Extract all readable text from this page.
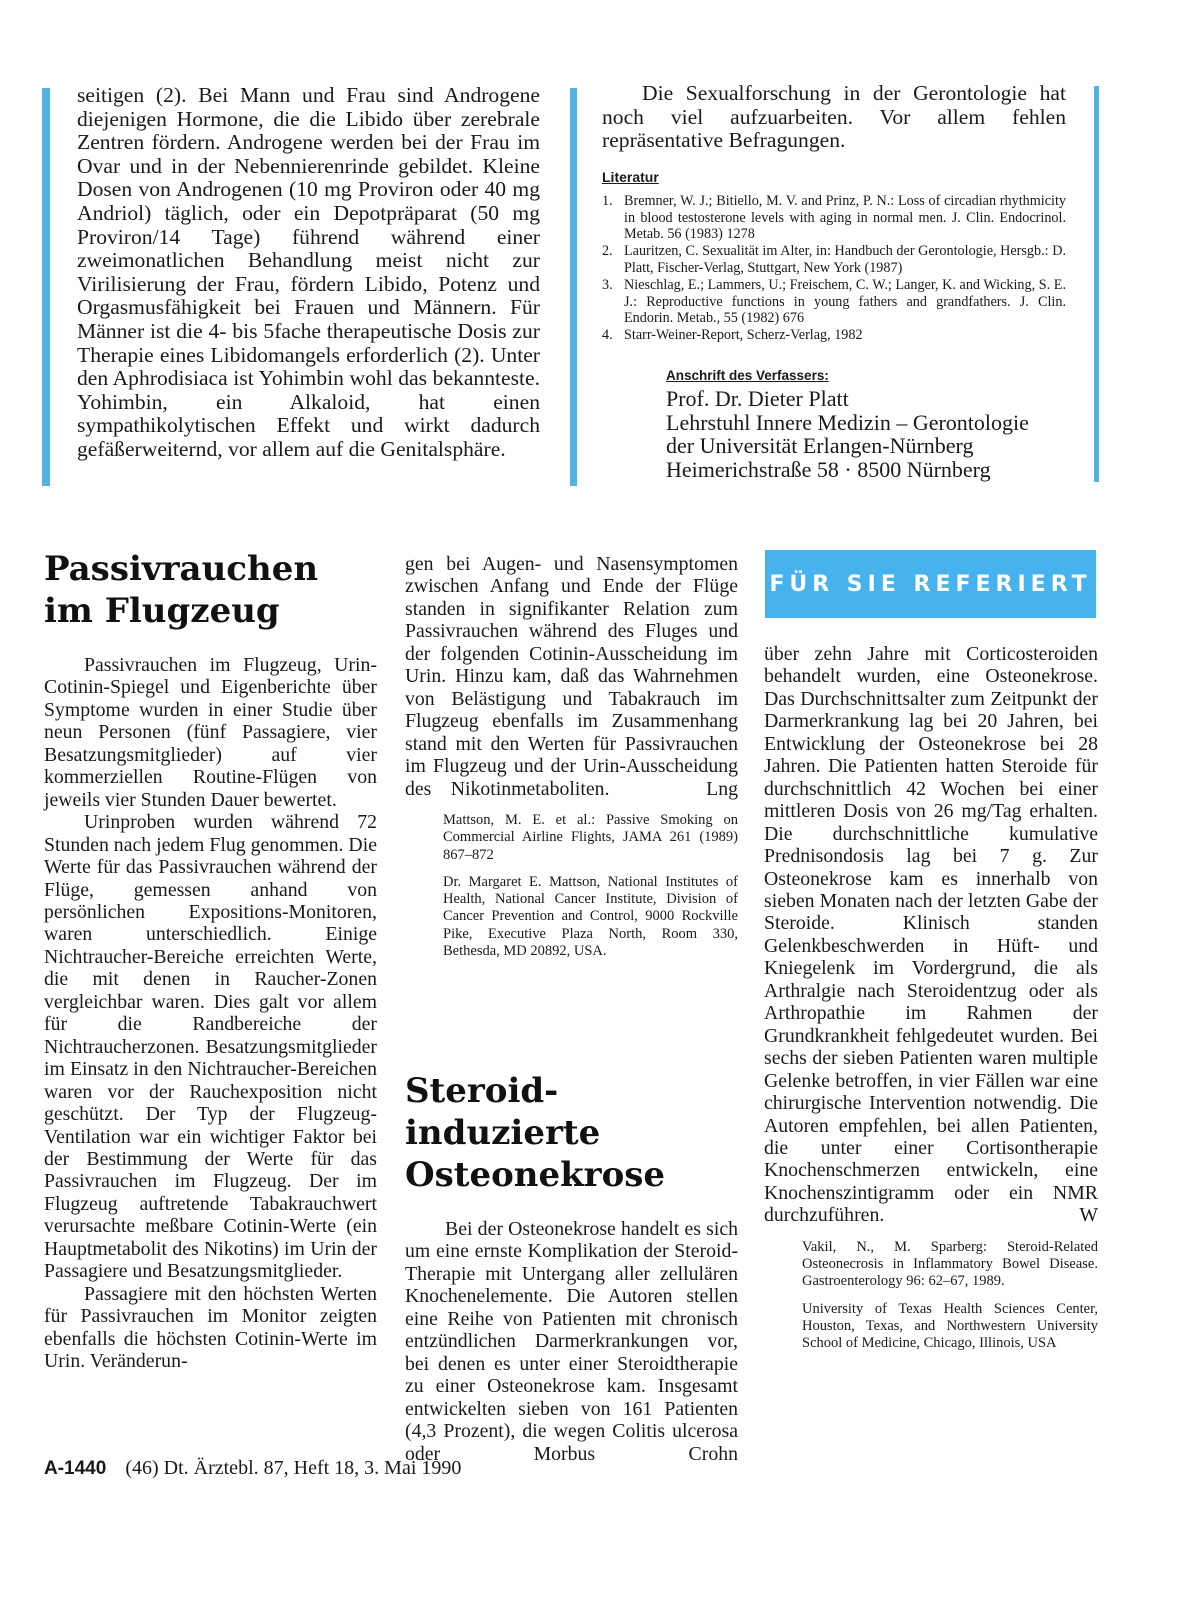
seitigen (2). Bei Mann und Frau sind Androgene diejenigen Hormone, die die Libido über zerebrale Zentren fördern. Androgene werden bei der Frau im Ovar und in der Nebennierenrinde gebildet. Kleine Dosen von Androgenen (10 mg Proviron oder 40 mg Andriol) täglich, oder ein Depotpräparat (50 mg Proviron/14 Tage) führend während einer zweimonatlichen Behandlung meist nicht zur Virilisierung der Frau, fördern Libido, Potenz und Orgasmusfähigkeit bei Frauen und Männern. Für Männer ist die 4- bis 5fache therapeutische Dosis zur Therapie eines Libidomangels erforderlich (2). Unter den Aphrodisiaca ist Yohimbin wohl das bekannteste. Yohimbin, ein Alkaloid, hat einen sympathikolytischen Effekt und wirkt dadurch gefäßerweiternd, vor allem auf die Genitalsphäre.

Die Sexualforschung in der Gerontologie hat noch viel aufzuarbeiten. Vor allem fehlen repräsentative Befragungen.

Literatur
1. Bremner, W. J.; Bitiello, M. V. and Prinz, P. N.: Loss of circadian rhythmicity in blood testosterone levels with aging in normal men. J. Clin. Endocrinol. Metab. 56 (1983) 1278
2. Lauritzen, C. Sexualität im Alter, in: Handbuch der Gerontologie, Hersgb.: D. Platt, Fischer-Verlag, Stuttgart, New York (1987)
3. Nieschlag, E.; Lammers, U.; Freischem, C. W.; Langer, K. and Wicking, S. E. J.: Reproductive functions in young fathers and grandfathers. J. Clin. Endorin. Metab., 55 (1982) 676
4. Starr-Weiner-Report, Scherz-Verlag, 1982
Anschrift des Verfassers:
Prof. Dr. Dieter Platt
Lehrstuhl Innere Medizin – Gerontologie
der Universität Erlangen-Nürnberg
Heimerichstraße 58 · 8500 Nürnberg
Passivrauchen im Flugzeug

Passivrauchen im Flugzeug, Urin-Cotinin-Spiegel und Eigenberichte über Symptome wurden in einer Studie über neun Personen (fünf Passagiere, vier Besatzungsmitglieder) auf vier kommerziellen Routine-Flügen von jeweils vier Stunden Dauer bewertet.

Urinproben wurden während 72 Stunden nach jedem Flug genommen. Die Werte für das Passivrauchen während der Flüge, gemessen anhand von persönlichen Expositions-Monitoren, waren unterschiedlich. Einige Nichtraucher-Bereiche erreichten Werte, die mit denen in Raucher-Zonen vergleichbar waren. Dies galt vor allem für die Randbereiche der Nichtraucherzonen. Besatzungsmitglieder im Einsatz in den Nichtraucher-Bereichen waren vor der Rauchexposition nicht geschützt. Der Typ der Flugzeug-Ventilation war ein wichtiger Faktor bei der Bestimmung der Werte für das Passivrauchen im Flugzeug. Der im Flugzeug auftretende Tabakrauchwert verursachte meßbare Cotinin-Werte (ein Hauptmetabolit des Nikotins) im Urin der Passagiere und Besatzungsmitglieder.

Passagiere mit den höchsten Werten für Passivrauchen im Monitor zeigten ebenfalls die höchsten Cotinin-Werte im Urin. Veränderun-

gen bei Augen- und Nasensymptomen zwischen Anfang und Ende der Flüge standen in signifikanter Relation zum Passivrauchen während des Fluges und der folgenden Cotinin-Ausscheidung im Urin. Hinzu kam, daß das Wahrnehmen von Belästigung und Tabakrauch im Flugzeug ebenfalls im Zusammenhang stand mit den Werten für Passivrauchen im Flugzeug und der Urin-Ausscheidung des Nikotinmetaboliten.	Lng

Mattson, M. E. et al.: Passive Smoking on Commercial Airline Flights, JAMA 261 (1989) 867–872

Dr. Margaret E. Mattson, National Institutes of Health, National Cancer Institute, Division of Cancer Prevention and Control, 9000 Rockville Pike, Executive Plaza North, Room 330, Bethesda, MD 20892, USA.

Steroid-induzierte Osteonekrose

Bei der Osteonekrose handelt es sich um eine ernste Komplikation der Steroid-Therapie mit Untergang aller zellulären Knochenelemente. Die Autoren stellen eine Reihe von Patienten mit chronisch entzündlichen Darmerkrankungen vor, bei denen es unter einer Steroidtherapie zu einer Osteonekrose kam. Insgesamt entwickelten sieben von 161 Patienten (4,3 Prozent), die wegen Colitis ulcerosa oder Morbus Crohn

FÜR SIE REFERIERT

über zehn Jahre mit Corticosteroiden behandelt wurden, eine Osteonekrose. Das Durchschnittsalter zum Zeitpunkt der Darmerkrankung lag bei 20 Jahren, bei Entwicklung der Osteonekrose bei 28 Jahren. Die Patienten hatten Steroide für durchschnittlich 42 Wochen bei einer mittleren Dosis von 26 mg/Tag erhalten. Die durchschnittliche kumulative Prednisondosis lag bei 7 g. Zur Osteonekrose kam es innerhalb von sieben Monaten nach der letzten Gabe der Steroide. Klinisch standen Gelenkbeschwerden in Hüft- und Kniegelenk im Vordergrund, die als Arthralgie nach Steroidentzug oder als Arthropathie im Rahmen der Grundkrankheit fehlgedeutet wurden. Bei sechs der sieben Patienten waren multiple Gelenke betroffen, in vier Fällen war eine chirurgische Intervention notwendig. Die Autoren empfehlen, bei allen Patienten, die unter einer Cortisontherapie Knochenschmerzen entwickeln, eine Knochenszintigramm oder ein NMR durchzuführen.	W

Vakil, N., M. Sparberg: Steroid-Related Osteonecrosis in Inflammatory Bowel Disease. Gastroenterology 96: 62–67, 1989.

University of Texas Health Sciences Center, Houston, Texas, and Northwestern University School of Medicine, Chicago, Illinois, USA

A-1440 (46) Dt. Ärztebl. 87, Heft 18, 3. Mai 1990
